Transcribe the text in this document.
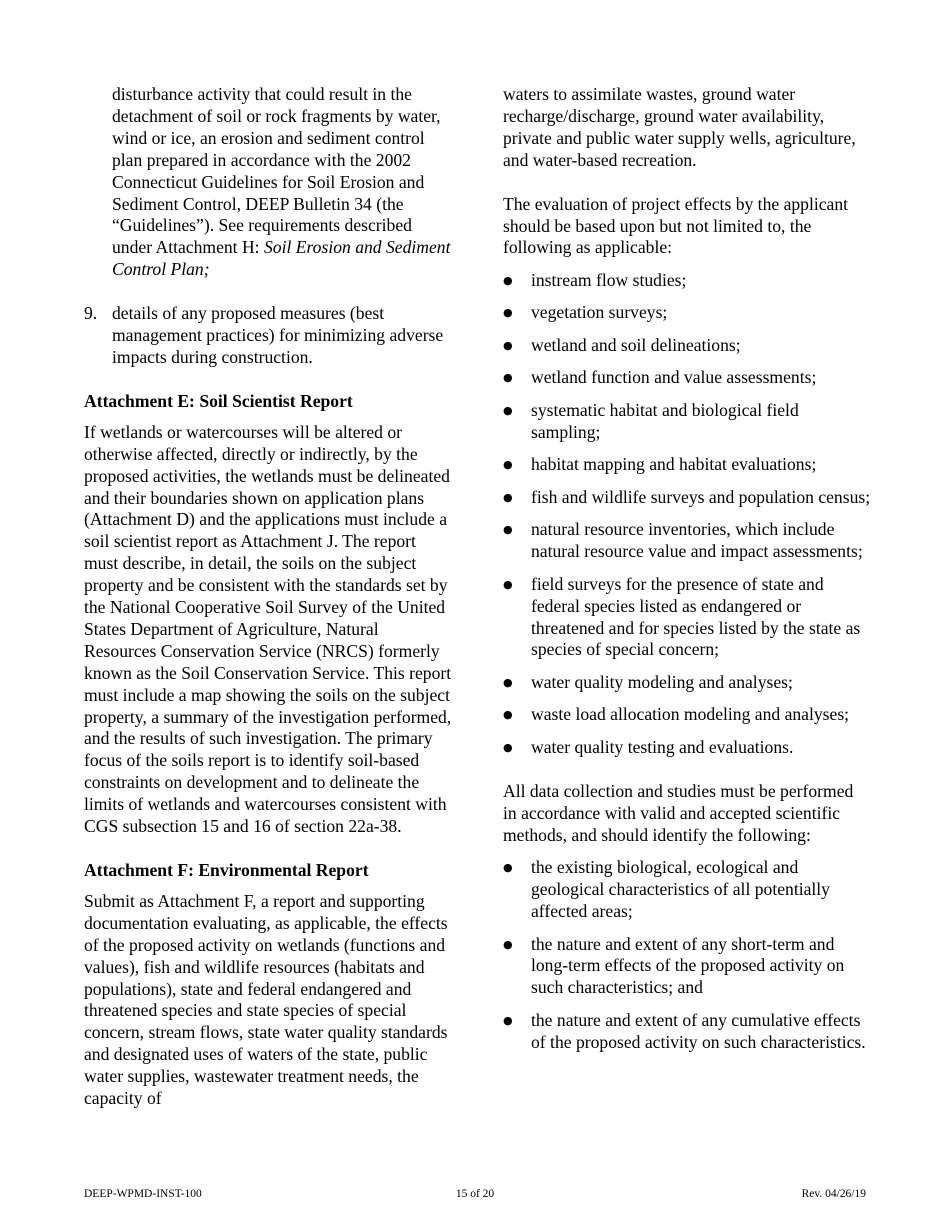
disturbance activity that could result in the detachment of soil or rock fragments by water, wind or ice, an erosion and sediment control plan prepared in accordance with the 2002 Connecticut Guidelines for Soil Erosion and Sediment Control, DEEP Bulletin 34 (the “Guidelines”). See requirements described under Attachment H: Soil Erosion and Sediment Control Plan;
9. details of any proposed measures (best management practices) for minimizing adverse impacts during construction.

Attachment E: Soil Scientist Report

If wetlands or watercourses will be altered or otherwise affected, directly or indirectly, by the proposed activities, the wetlands must be delineated and their boundaries shown on application plans (Attachment D) and the applications must include a soil scientist report as Attachment J. The report must describe, in detail, the soils on the subject property and be consistent with the standards set by the National Cooperative Soil Survey of the United States Department of Agriculture, Natural Resources Conservation Service (NRCS) formerly known as the Soil Conservation Service. This report must include a map showing the soils on the subject property, a summary of the investigation performed, and the results of such investigation. The primary focus of the soils report is to identify soil-based constraints on development and to delineate the limits of wetlands and watercourses consistent with CGS subsection 15 and 16 of section 22a-38.

Attachment F: Environmental Report

Submit as Attachment F, a report and supporting documentation evaluating, as applicable, the effects of the proposed activity on wetlands (functions and values), fish and wildlife resources (habitats and populations), state and federal endangered and threatened species and state species of special concern, stream flows, state water quality standards and designated uses of waters of the state, public water supplies, wastewater treatment needs, the capacity of

waters to assimilate wastes, ground water recharge/discharge, ground water availability, private and public water supply wells, agriculture, and water-based recreation.

The evaluation of project effects by the applicant should be based upon but not limited to, the following as applicable:

●	instream flow studies;
●	vegetation surveys;
●	wetland and soil delineations;
●	wetland function and value assessments;
●	systematic habitat and biological field sampling;
●	habitat mapping and habitat evaluations;
●	fish and wildlife surveys and population census;
●	natural resource inventories, which include natural resource value and impact assessments;
●	field surveys for the presence of state and federal species listed as endangered or threatened and for species listed by the state as species of special concern;
●	water quality modeling and analyses;
●	waste load allocation modeling and analyses;
●	water quality testing and evaluations.

All data collection and studies must be performed in accordance with valid and accepted scientific methods, and should identify the following:

●	the existing biological, ecological and geological characteristics of all potentially affected areas;
●	the nature and extent of any short-term and long-term effects of the proposed activity on such characteristics; and
●	the nature and extent of any cumulative effects of the proposed activity on such characteristics.
DEEP-WPMD-INST-100	15 of 20	Rev. 04/26/19
